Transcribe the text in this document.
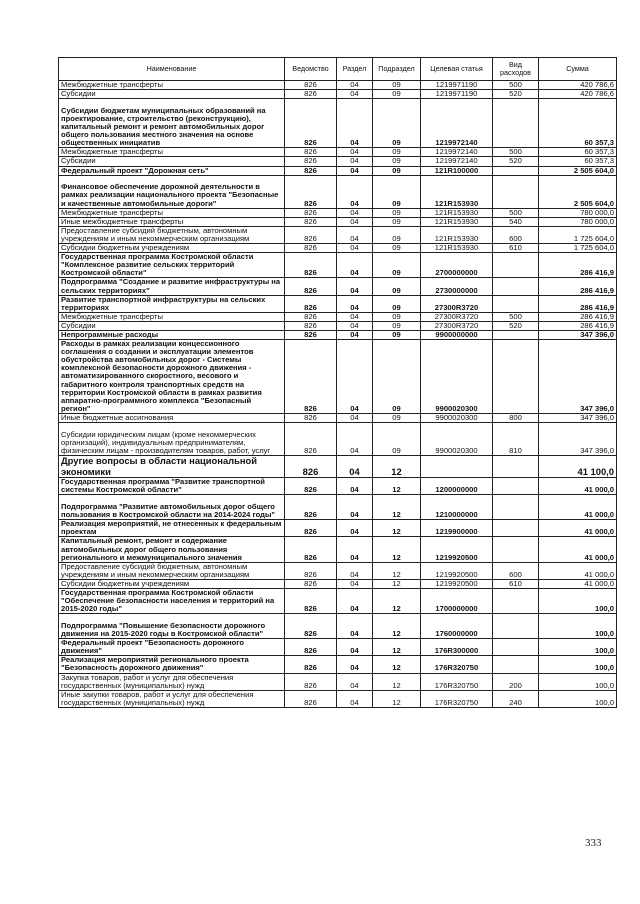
Наименование	Ведомство	Раздел	Подраздел	Целевая статья	Вид расходов	Сумма
Межбюджетные трансферты	826	04	09	1219971190	500	420 786,6
Субсидии	826	04	09	1219971190	520	420 786,6
Субсидии бюджетам муниципальных образований на проектирование, строительство (реконструкцию), капитальный ремонт и ремонт автомобильных дорог общего пользования местного значения на основе общественных инициатив	826	04	09	1219972140		60 357,3
Межбюджетные трансферты	826	04	09	1219972140	500	60 357,3
Субсидии	826	04	09	1219972140	520	60 357,3
Федеральный проект "Дорожная сеть"	826	04	09	121R100000		2 505 604,0
Финансовое обеспечение дорожной деятельности в рамках реализации национального проекта "Безопасные и качественные автомобильные дороги"	826	04	09	121R153930		2 505 604,0
Межбюджетные трансферты	826	04	09	121R153930	500	780 000,0
Иные межбюджетные трансферты	826	04	09	121R153930	540	780 000,0
Предоставление субсидий бюджетным, автономным учреждениям и иным некоммерческим организациям	826	04	09	121R153930	600	1 725 604,0
Субсидии бюджетным учреждениям	826	04	09	121R153930	610	1 725 604,0
Государственная программа Костромской области "Комплексное развитие сельских территорий Костромской области"	826	04	09	2700000000		286 416,9
Подпрограмма "Создание и развитие инфраструктуры на сельских территориях"	826	04	09	2730000000		286 416,9
Развитие транспортной инфраструктуры на сельских территориях	826	04	09	27300R3720		286 416,9
Межбюджетные трансферты	826	04	09	27300R3720	500	286 416,9
Субсидии	826	04	09	27300R3720	520	286 416,9
Непрограммные расходы	826	04	09	9900000000		347 396,0
Расходы в рамках реализации концессионного соглашения о создании и эксплуатации элементов обустройства автомобильных дорог - Системы комплексной безопасности дорожного движения - автоматизированного скоростного, весового и габаритного контроля транспортных средств на территории Костромской области в рамках развития аппаратно-программного комплекса "Безопасный регион"	826	04	09	9900020300		347 396,0
Иные бюджетные ассигнования	826	04	09	9900020300	800	347 396,0
Субсидии юридическим лицам (кроме некоммерческих организаций), индивидуальным предпринимателям, физическим лицам - производителям товаров, работ, услуг	826	04	09	9900020300	810	347 396,0
Другие вопросы в области национальной экономики	826	04	12			41 100,0
Государственная программа "Развитие транспортной системы Костромской области"	826	04	12	1200000000		41 000,0
Подпрограмма "Развитие автомобильных дорог общего пользования в Костромской области на 2014-2024 годы"	826	04	12	1210000000		41 000,0
Реализация мероприятий, не отнесенных к федеральным проектам	826	04	12	1219900000		41 000,0
Капитальный ремонт, ремонт и содержание автомобильных дорог общего пользования регионального и межмуниципального значения	826	04	12	1219920500		41 000,0
Предоставление субсидий бюджетным, автономным учреждениям и иным некоммерческим организациям	826	04	12	1219920500	600	41 000,0
Субсидии бюджетным учреждениям	826	04	12	1219920500	610	41 000,0
Государственная программа Костромской области "Обеспечение безопасности населения и территорий на 2015-2020 годы"	826	04	12	1700000000		100,0
Подпрограмма "Повышение безопасности дорожного движения на 2015-2020 годы в Костромской области"	826	04	12	1760000000		100,0
Федеральный проект "Безопасность дорожного движения"	826	04	12	176R300000		100,0
Реализация мероприятий регионального проекта "Безопасность дорожного движения"	826	04	12	176R320750		100,0
Закупка товаров, работ и услуг для обеспечения государственных (муниципальных) нужд	826	04	12	176R320750	200	100,0
Иные закупки товаров, работ и услуг для обеспечения государственных (муниципальных) нужд	826	04	12	176R320750	240	100,0
333
